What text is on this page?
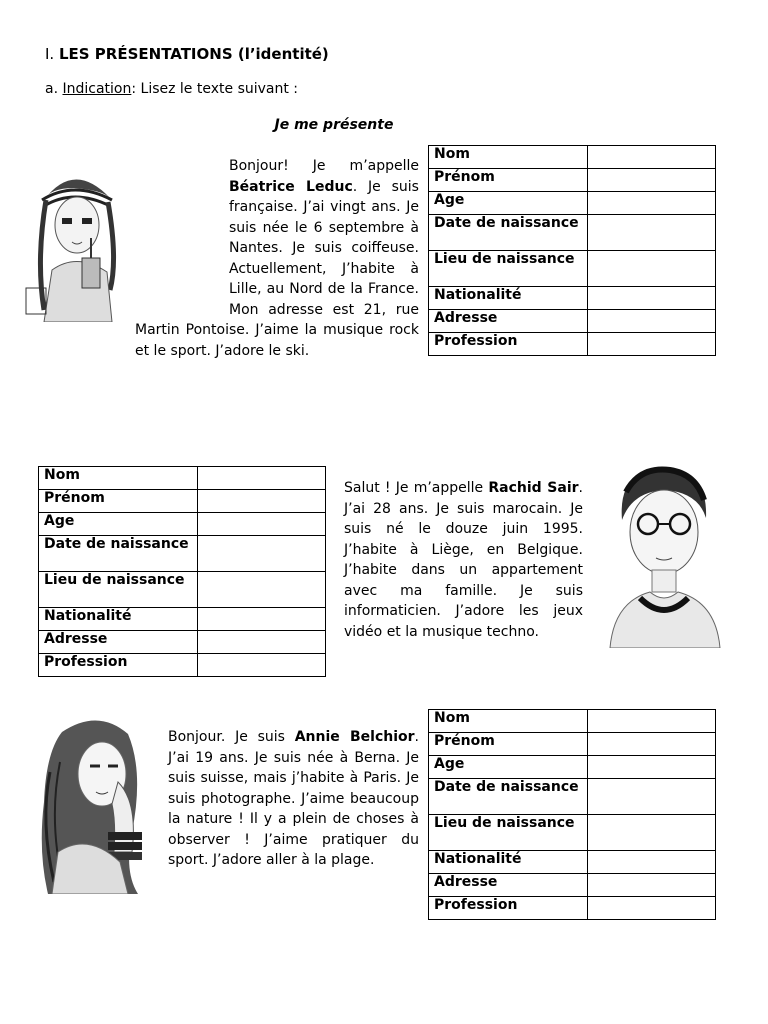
I. LES PRÉSENTATIONS (l’identité)
a. Indication: Lisez le texte suivant :
Je me présente
Bonjour! Je m’appelle Béatrice Leduc. Je suis française. J’ai vingt ans. Je suis née le 6 septembre à Nantes. Je suis coiffeuse. Actuellement, J’habite à Lille, au Nord de la France. Mon adresse est 21, rue Martin Pontoise. J’aime la musique rock et le sport. J’adore le ski.
Nom	
Prénom	
Age	
Date de naissance	
Lieu de naissance	
Nationalité	
Adresse	
Profession	
Nom	
Prénom	
Age	
Date de naissance	
Lieu de naissance	
Nationalité	
Adresse	
Profession	
Salut ! Je m’appelle Rachid Sair. J’ai 28 ans. Je suis marocain. Je suis né le douze juin 1995. J’habite à Liège, en Belgique. J’habite dans un appartement avec ma famille. Je suis informaticien. J’adore les jeux vidéo et la musique techno.
Bonjour. Je suis Annie Belchior. J’ai 19 ans. Je suis née à Berna. Je suis suisse, mais j’habite à Paris. Je suis photographe. J’aime beaucoup la nature ! Il y a plein de choses à observer ! J’aime pratiquer du sport. J’adore aller à la plage.
Nom	
Prénom	
Age	
Date de naissance	
Lieu de naissance	
Nationalité	
Adresse	
Profession	
